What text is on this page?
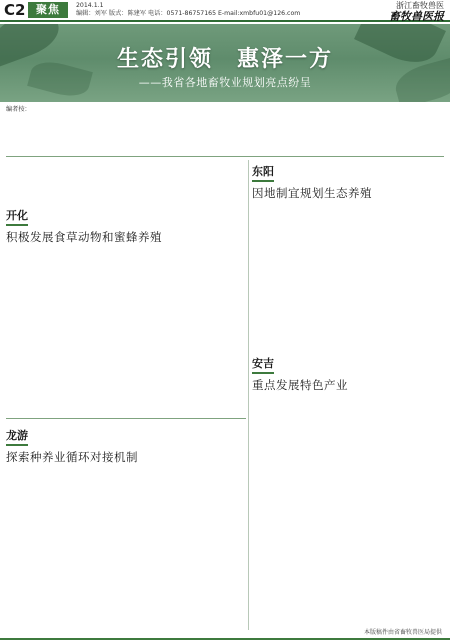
C2 聚焦	2014.1.1
编辑：刘军 版式：陈建军 电话：0571-86757165 E-mail:xmbfu01@126.com
浙江畜牧兽医
畜牧兽医报
生态引领　惠泽一方
——我省各地畜牧业规划亮点纷呈
编者按：
东阳
因地制宜规划生态养殖
开化
积极发展食草动物和蜜蜂养殖
安吉
重点发展特色产业
龙游
探索种养业循环对接机制
本版稿件由省畜牧兽医局提供
